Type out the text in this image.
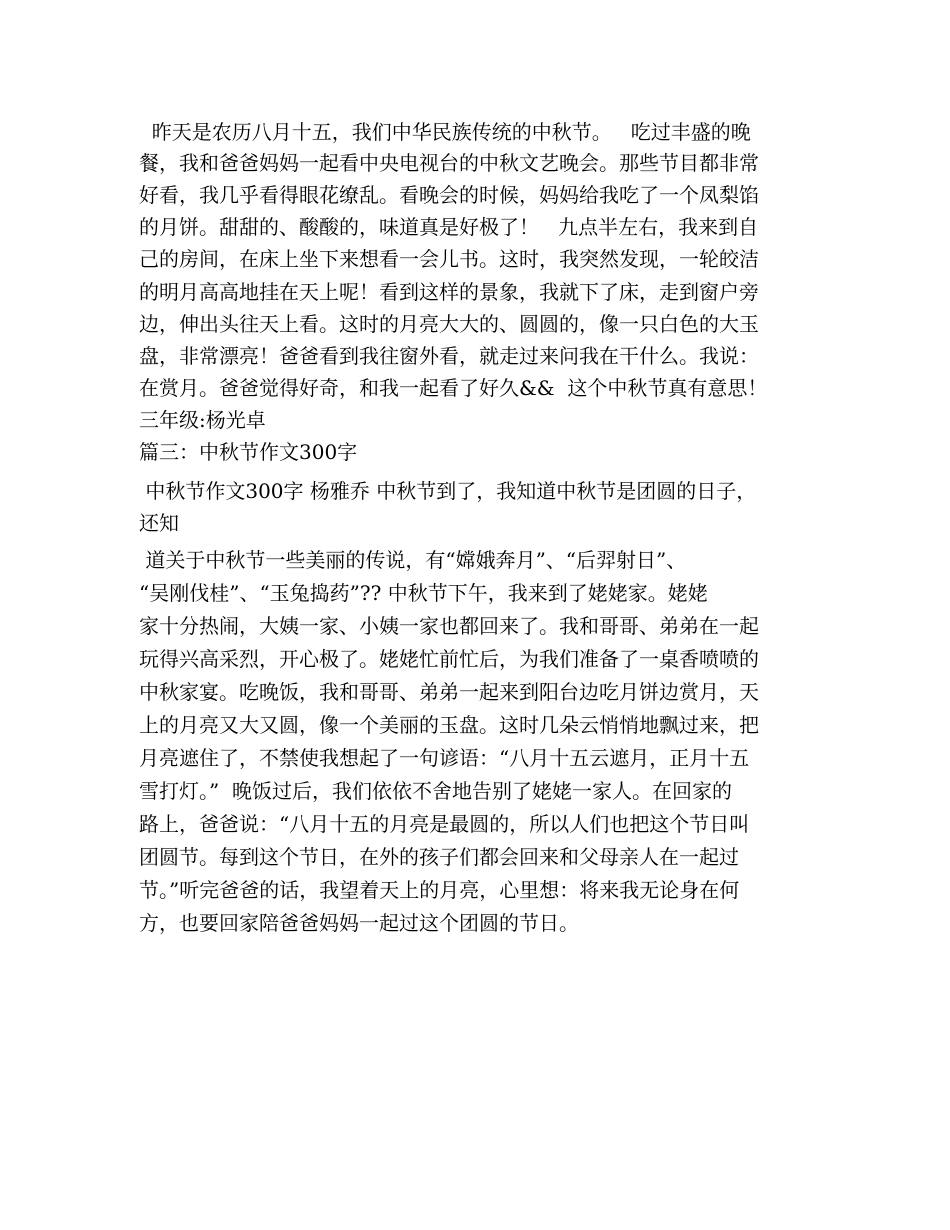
昨天是农历八月十五，我们中华民族传统的中秋节。   吃过丰盛的晚
餐，我和爸爸妈妈一起看中央电视台的中秋文艺晚会。那些节目都非常
好看，我几乎看得眼花缭乱。看晚会的时候，妈妈给我吃了一个凤梨馅
的月饼。甜甜的、酸酸的，味道真是好极了！   九点半左右，我来到自
己的房间，在床上坐下来想看一会儿书。这时，我突然发现，一轮皎洁
的明月高高地挂在天上呢！看到这样的景象，我就下了床，走到窗户旁
边，伸出头往天上看。这时的月亮大大的、圆圆的，像一只白色的大玉
盘，非常漂亮！爸爸看到我往窗外看，就走过来问我在干什么。我说：
在赏月。爸爸觉得好奇，和我一起看了好久&&  这个中秋节真有意思！
三年级:杨光卓
篇三：中秋节作文300字
中秋节作文300字 杨雅乔 中秋节到了，我知道中秋节是团圆的日子，
还知
道关于中秋节一些美丽的传说，有“嫦娥奔月”、“后羿射日”、
“吴刚伐桂”、“玉兔捣药”?? 中秋节下午，我来到了姥姥家。姥姥
家十分热闹，大姨一家、小姨一家也都回来了。我和哥哥、弟弟在一起
玩得兴高采烈，开心极了。姥姥忙前忙后，为我们准备了一桌香喷喷的
中秋家宴。吃晚饭，我和哥哥、弟弟一起来到阳台边吃月饼边赏月，天
上的月亮又大又圆，像一个美丽的玉盘。这时几朵云悄悄地飘过来，把
月亮遮住了，不禁使我想起了一句谚语：“八月十五云遮月，正月十五
雪打灯。”  晚饭过后，我们依依不舍地告别了姥姥一家人。在回家的
路上，爸爸说：“八月十五的月亮是最圆的，所以人们也把这个节日叫
团圆节。每到这个节日，在外的孩子们都会回来和父母亲人在一起过
节。”听完爸爸的话，我望着天上的月亮，心里想：将来我无论身在何
方，也要回家陪爸爸妈妈一起过这个团圆的节日。
